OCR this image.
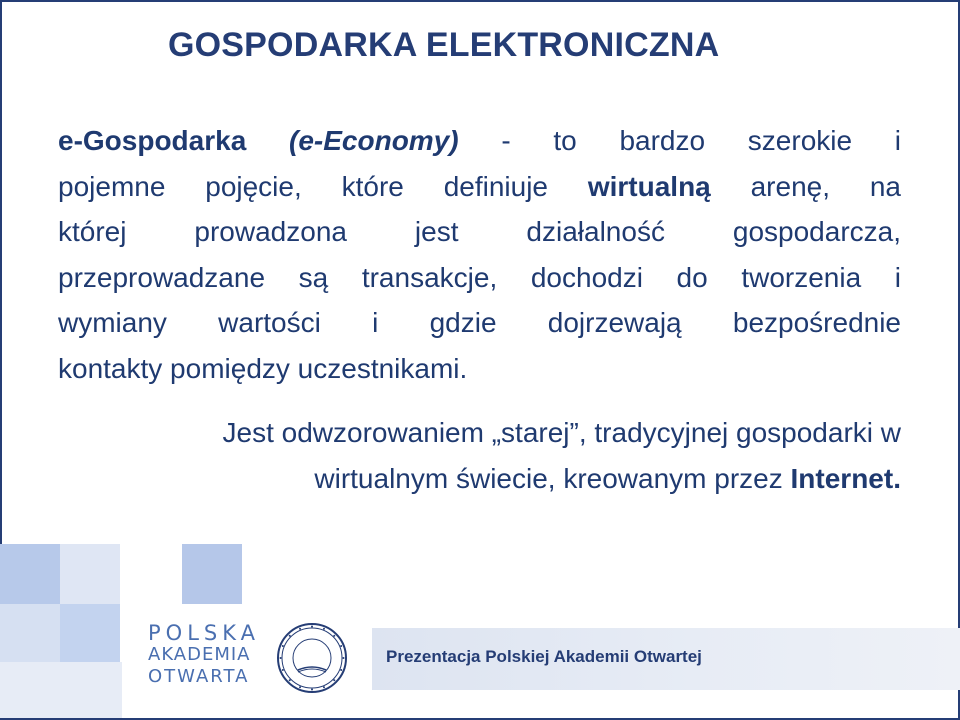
GOSPODARKA ELEKTRONICZNA
e-Gospodarka (e-Economy) - to bardzo szerokie i
pojemne pojęcie, które definiuje wirtualną arenę, na
której prowadzona jest działalność gospodarcza,
przeprowadzane są transakcje, dochodzi do tworzenia i
wymiany wartości i gdzie dojrzewają bezpośrednie
kontakty pomiędzy uczestnikami.
Jest odwzorowaniem „starej”, tradycyjnej gospodarki w
wirtualnym świecie, kreowanym przez Internet.
POLSKA
AKADEMIA
OTWARTA
Prezentacja Polskiej Akademii Otwartej
